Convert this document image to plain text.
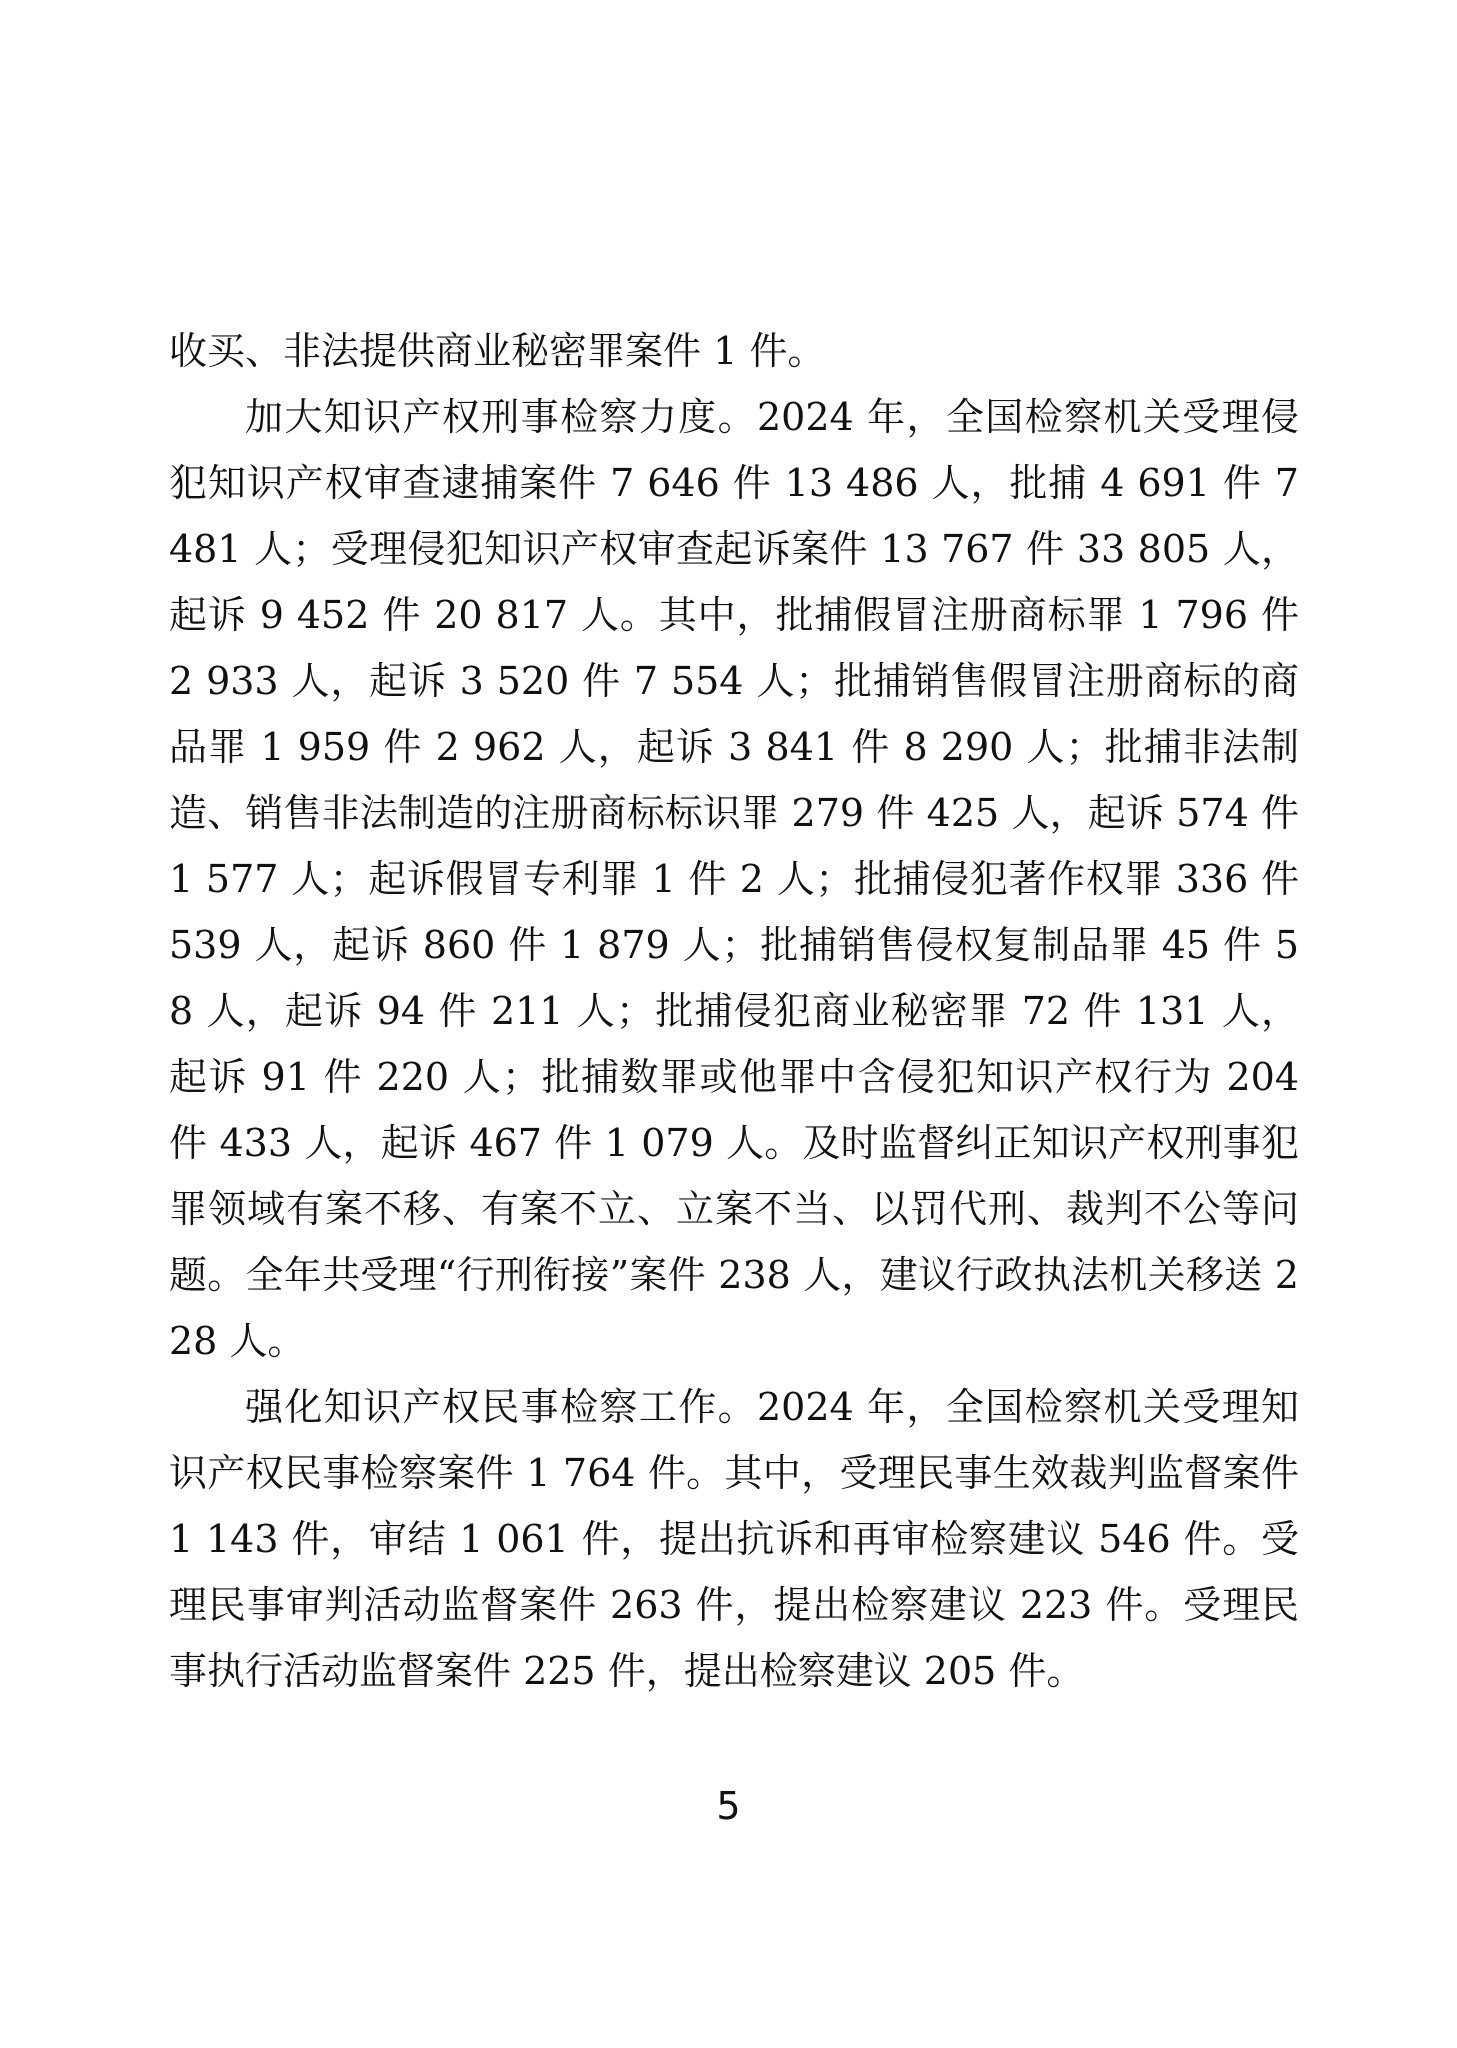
收买、非法提供商业秘密罪案件 1 件。

加大知识产权刑事检察力度。2024 年，全国检察机关受理侵犯知识产权审查逮捕案件 7 646 件 13 486 人，批捕 4 691 件 7 481 人；受理侵犯知识产权审查起诉案件 13 767 件 33 805 人，起诉 9 452 件 20 817 人。其中，批捕假冒注册商标罪 1 796 件 2 933 人，起诉 3 520 件 7 554 人；批捕销售假冒注册商标的商品罪 1 959 件 2 962 人，起诉 3 841 件 8 290 人；批捕非法制造、销售非法制造的注册商标标识罪 279 件 425 人，起诉 574 件 1 577 人；起诉假冒专利罪 1 件 2 人；批捕侵犯著作权罪 336 件 539 人，起诉 860 件 1 879 人；批捕销售侵权复制品罪 45 件 58 人，起诉 94 件 211 人；批捕侵犯商业秘密罪 72 件 131 人，起诉 91 件 220 人；批捕数罪或他罪中含侵犯知识产权行为 204 件 433 人，起诉 467 件 1 079 人。及时监督纠正知识产权刑事犯罪领域有案不移、有案不立、立案不当、以罚代刑、裁判不公等问题。全年共受理“行刑衔接”案件 238 人，建议行政执法机关移送 228 人。

强化知识产权民事检察工作。2024 年，全国检察机关受理知识产权民事检察案件 1 764 件。其中，受理民事生效裁判监督案件 1 143 件，审结 1 061 件，提出抗诉和再审检察建议 546 件。受理民事审判活动监督案件 263 件，提出检察建议 223 件。受理民事执行活动监督案件 225 件，提出检察建议 205 件。

5
